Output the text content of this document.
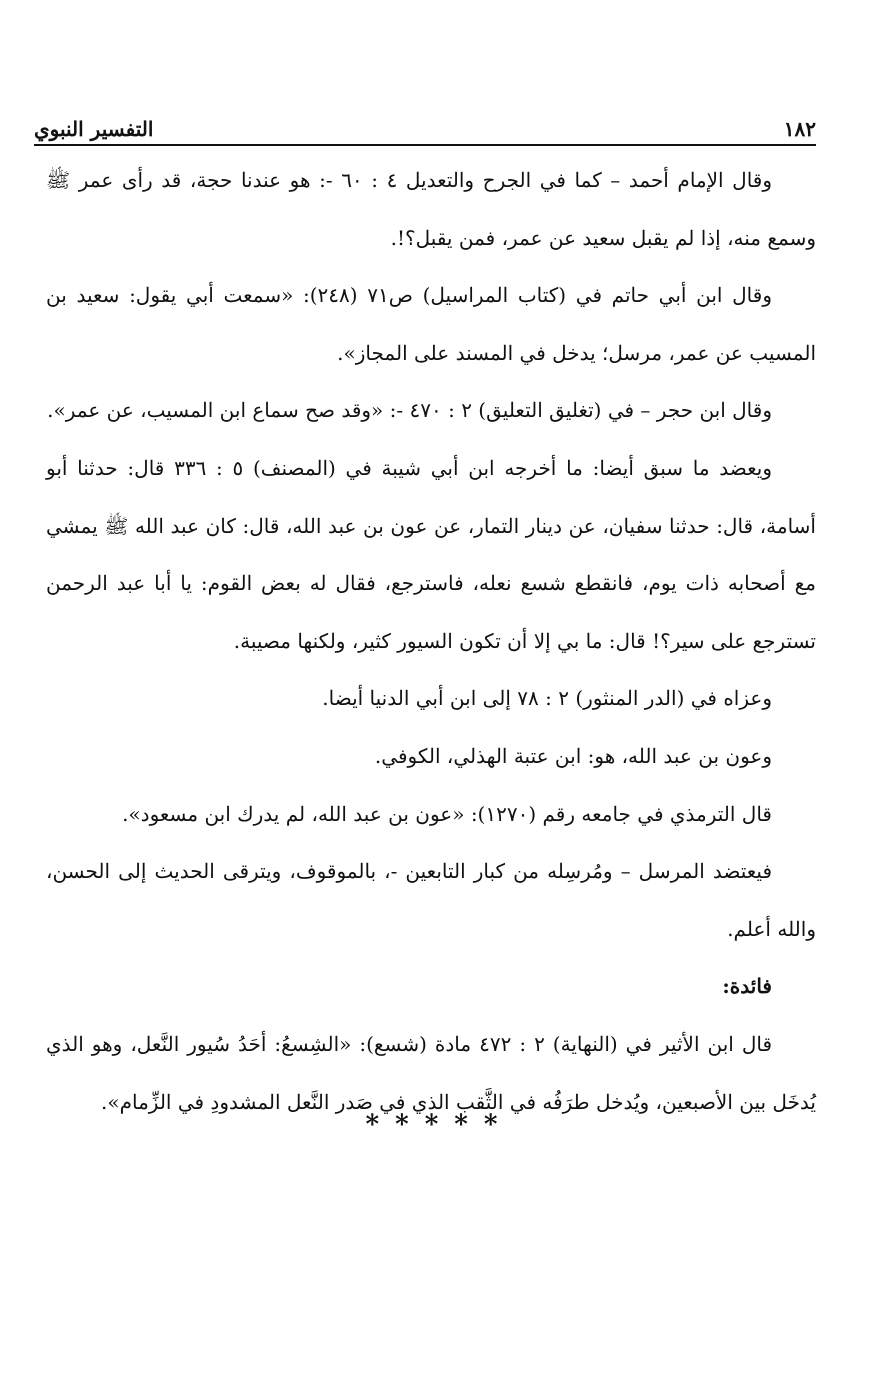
١٨٢
التفسير النبوي

وقال الإمام أحمد – كما في الجرح والتعديل ٤ : ٦٠ -: هو عندنا حجة، قد رأى عمر ﷺ وسمع منه، إذا لم يقبل سعيد عن عمر، فمن يقبل؟!.

وقال ابن أبي حاتم في (كتاب المراسيل) ص٧١ (٢٤٨): «سمعت أبي يقول: سعيد بن المسيب عن عمر، مرسل؛ يدخل في المسند على المجاز».

وقال ابن حجر – في (تغليق التعليق) ٢ : ٤٧٠ -: «وقد صح سماع ابن المسيب، عن عمر».

ويعضد ما سبق أيضا: ما أخرجه ابن أبي شيبة في (المصنف) ٥ : ٣٣٦ قال: حدثنا أبو أسامة، قال: حدثنا سفيان، عن دينار التمار، عن عون بن عبد الله، قال: كان عبد الله ﷺ يمشي مع أصحابه ذات يوم، فانقطع شسع نعله، فاسترجع، فقال له بعض القوم: يا أبا عبد الرحمن تسترجع على سير؟! قال: ما بي إلا أن تكون السيور كثير، ولكنها مصيبة.

وعزاه في (الدر المنثور) ٢ : ٧٨ إلى ابن أبي الدنيا أيضا.

وعون بن عبد الله، هو: ابن عتبة الهذلي، الكوفي.

قال الترمذي في جامعه رقم (١٢٧٠): «عون بن عبد الله، لم يدرك ابن مسعود».

فيعتضد المرسل – ومُرسِله من كبار التابعين -، بالموقوف، ويترقى الحديث إلى الحسن، والله أعلم.

فائدة:

قال ابن الأثير في (النهاية) ٢ : ٤٧٢ مادة (شسع): «الشِسعُ: أحَدُ سُيور النَّعل، وهو الذي يُدخَل بين الأصبعين، ويُدخل طرَفُه في الثَّقب الذي في صَدر النَّعل المشدودِ في الزِّمام».

*****
